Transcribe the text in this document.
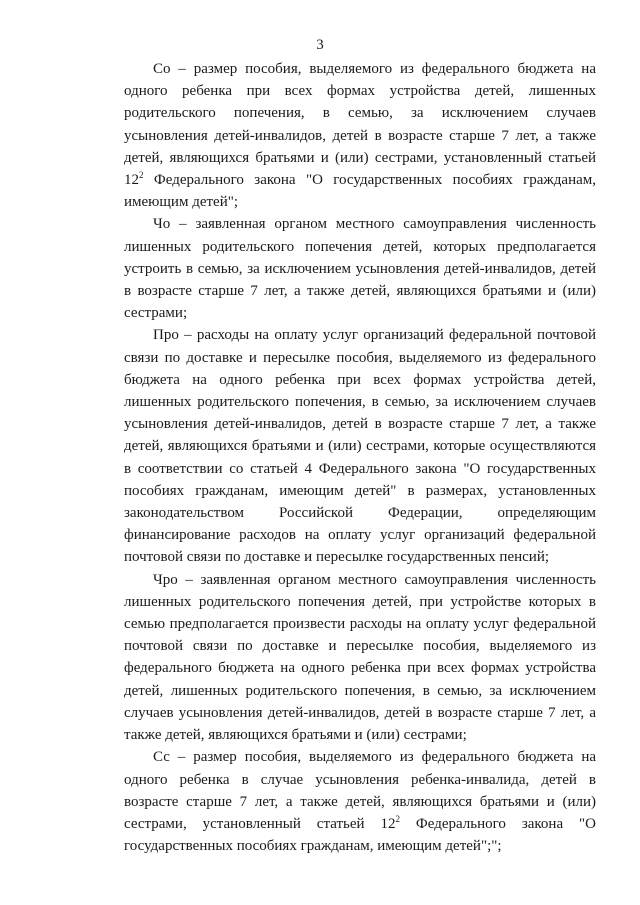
3

Со – размер пособия, выделяемого из федерального бюджета на одного ребенка при всех формах устройства детей, лишенных родительского попечения, в семью, за исключением случаев усыновления детей-инвалидов, детей в возрасте старше 7 лет, а также детей, являющихся братьями и (или) сестрами, установленный статьей $12^2$ Федерального закона "О государственных пособиях гражданам, имеющим детей";

Чо – заявленная органом местного самоуправления численность лишенных родительского попечения детей, которых предполагается устроить в семью, за исключением усыновления детей-инвалидов, детей в возрасте старше 7 лет, а также детей, являющихся братьями и (или) сестрами;

Про – расходы на оплату услуг организаций федеральной почтовой связи по доставке и пересылке пособия, выделяемого из федерального бюджета на одного ребенка при всех формах устройства детей, лишенных родительского попечения, в семью, за исключением случаев усыновления детей-инвалидов, детей в возрасте старше 7 лет, а также детей, являющихся братьями и (или) сестрами, которые осуществляются в соответствии со статьей 4 Федерального закона "О государственных пособиях гражданам, имеющим детей" в размерах, установленных законодательством Российской Федерации, определяющим финансирование расходов на оплату услуг организаций федеральной почтовой связи по доставке и пересылке государственных пенсий;

Чро – заявленная органом местного самоуправления численность лишенных родительского попечения детей, при устройстве которых в семью предполагается произвести расходы на оплату услуг федеральной почтовой связи по доставке и пересылке пособия, выделяемого из федерального бюджета на одного ребенка при всех формах устройства детей, лишенных родительского попечения, в семью, за исключением случаев усыновления детей-инвалидов, детей в возрасте старше 7 лет, а также детей, являющихся братьями и (или) сестрами;

Сс – размер пособия, выделяемого из федерального бюджета на одного ребенка в случае усыновления ребенка-инвалида, детей в возрасте старше 7 лет, а также детей, являющихся братьями и (или) сестрами, установленный статьей $12^2$ Федерального закона "О государственных пособиях гражданам, имеющим детей";";
